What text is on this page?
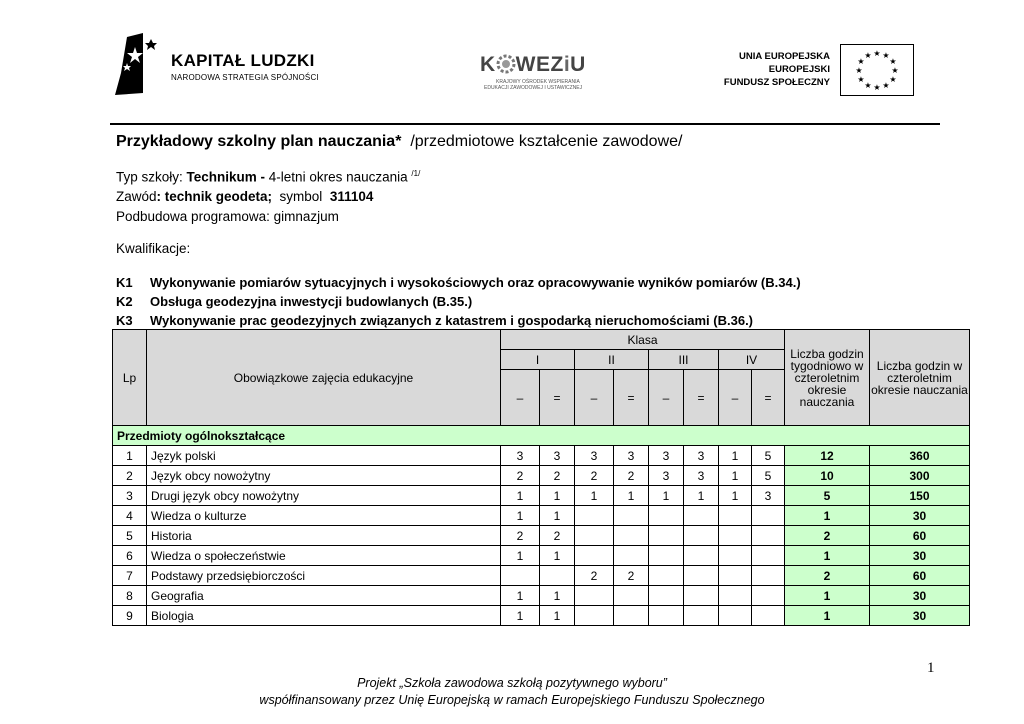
KAPITAŁ LUDZKI
NARODOWA STRATEGIA SPÓJNOŚCI
K WEZiU
KRAJOWY OŚRODEK WSPIERANIA
EDUKACJI ZAWODOWEJ I USTAWICZNEJ
UNIA EUROPEJSKA
EUROPEJSKI
FUNDUSZ SPOŁECZNY
★ ★
★
★
★
★
★
★
★
★
★
★
Przykładowy szkolny plan nauczania* /przedmiotowe kształcenie zawodowe/
Typ szkoły: Technikum - 4-letni okres nauczania $^{/1/}$
Zawód: technik geodeta;  symbol  311104
Podbudowa programowa: gimnazjum
Kwalifikacje:
K1 Wykonywanie pomiarów sytuacyjnych i wysokościowych oraz opracowywanie wyników pomiarów (B.34.)
K2 Obsługa geodezyjna inwestycji budowlanych (B.35.)
K3 Wykonywanie prac geodezyjnych związanych z katastrem i gospodarką nieruchomościami (B.36.)
Lp	Obowiązkowe zajęcia edukacyjne	Klasa								Liczba godzin tygodniowo w czteroletnim okresie nauczania	Liczba godzin w czteroletnim okresie nauczania
		I		II		III		IV			
		–	=	–	=	–	=	–	=		
Przedmioty ogólnokształcące											
1	Język polski	3	3	3	3	3	3	1	5	12	360
2	Język obcy nowożytny	2	2	2	2	3	3	1	5	10	300
3	Drugi język obcy nowożytny	1	1	1	1	1	1	1	3	5	150
4	Wiedza o kulturze	1	1							1	30
5	Historia	2	2							2	60
6	Wiedza o społeczeństwie	1	1							1	30
7	Podstawy przedsiębiorczości			2	2					2	60
8	Geografia	1	1							1	30
9	Biologia	1	1							1	30
Projekt „Szkoła zawodowa szkołą pozytywnego wyboru”
współfinansowany przez Unię Europejską w ramach Europejskiego Funduszu Społecznego
1
